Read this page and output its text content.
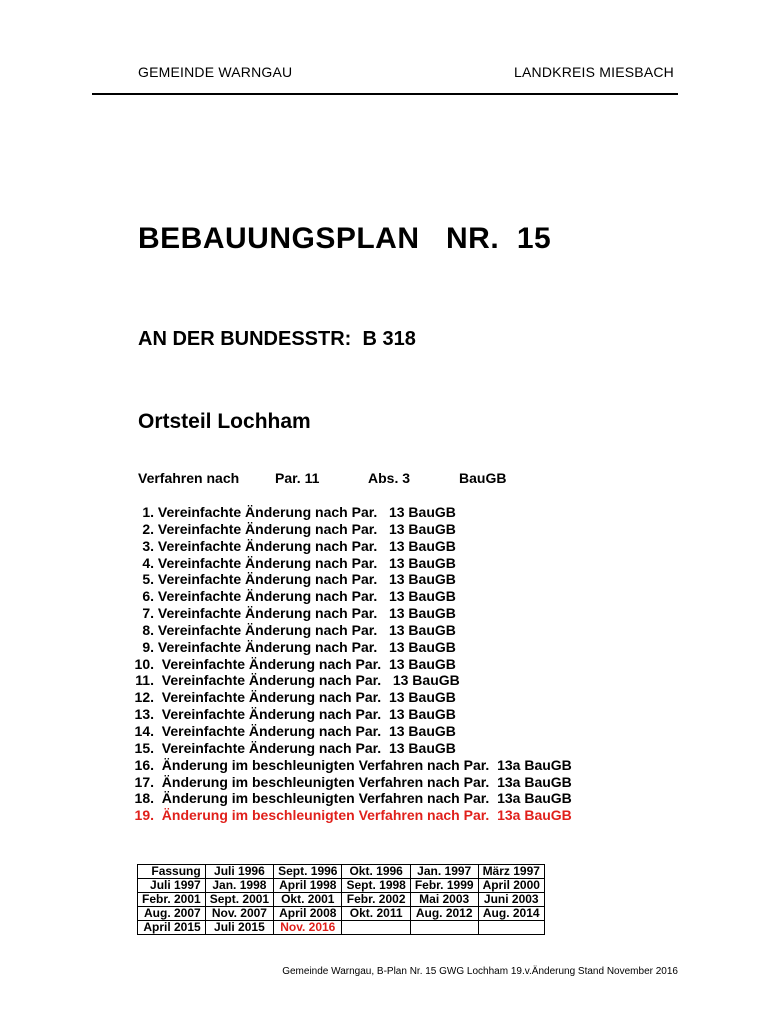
GEMEINDE WARNGAU	LANDKREIS MIESBACH
BEBAUUNGSPLAN   NR.  15
AN DER BUNDESSTR:  B 318
Ortsteil Lochham
Verfahren nach	Par. 11	Abs. 3	BauGB
1. Vereinfachte Änderung nach Par.   13 BauGB
2. Vereinfachte Änderung nach Par.   13 BauGB
3. Vereinfachte Änderung nach Par.   13 BauGB
4. Vereinfachte Änderung nach Par.   13 BauGB
5. Vereinfachte Änderung nach Par.   13 BauGB
6. Vereinfachte Änderung nach Par.   13 BauGB
7. Vereinfachte Änderung nach Par.   13 BauGB
8. Vereinfachte Änderung nach Par.   13 BauGB
9. Vereinfachte Änderung nach Par.   13 BauGB
10.  Vereinfachte Änderung nach Par.  13 BauGB
11.  Vereinfachte Änderung nach Par.   13 BauGB
12.  Vereinfachte Änderung nach Par.  13 BauGB
13.  Vereinfachte Änderung nach Par.  13 BauGB
14.  Vereinfachte Änderung nach Par.  13 BauGB
15.  Vereinfachte Änderung nach Par.  13 BauGB
16.  Änderung im beschleunigten Verfahren nach Par.  13a BauGB
17.  Änderung im beschleunigten Verfahren nach Par.  13a BauGB
18.  Änderung im beschleunigten Verfahren nach Par.  13a BauGB
19.  Änderung im beschleunigten Verfahren nach Par.  13a BauGB
Fassung	Juli 1996	Sept. 1996	Okt. 1996	Jan. 1997	März 1997
Juli 1997	Jan. 1998	April 1998	Sept. 1998	Febr. 1999	April 2000
Febr. 2001	Sept. 2001	Okt. 2001	Febr. 2002	Mai 2003	Juni 2003
Aug. 2007	Nov. 2007	April 2008	Okt. 2011	Aug. 2012	Aug. 2014
April 2015	Juli 2015	Nov. 2016			
Gemeinde Warngau, B-Plan Nr. 15 GWG Lochham 19.v.Änderung Stand November 2016
